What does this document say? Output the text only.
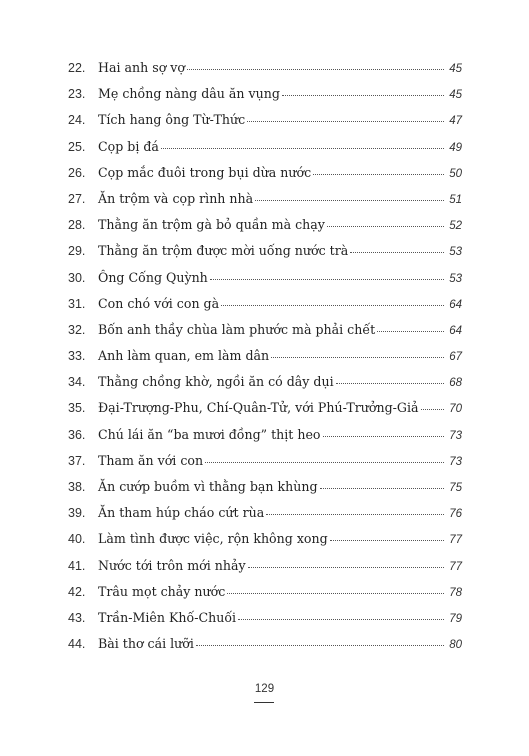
22.	Hai anh sợ vợ	45
23.	Mẹ chồng nàng dâu ăn vụng	45
24.	Tích hang ông Từ-Thức	47
25.	Cọp bị đá	49
26.	Cọp mắc đuôi trong bụi dừa nước	50
27.	Ăn trộm và cọp rình nhà	51
28.	Thằng ăn trộm gà bỏ quần mà chạy	52
29.	Thằng ăn trộm được mời uống nước trà	53
30.	Ông Cống Quỳnh	53
31.	Con chó với con gà	64
32.	Bốn anh thầy chùa làm phước mà phải chết	64
33.	Anh làm quan, em làm dân	67
34.	Thằng chồng khờ, ngồi ăn có dây dụi	68
35.	Đại-Trượng-Phu, Chí-Quân-Tử, với Phú-Trưởng-Giả	70
36.	Chú lái ăn “ba mươi đồng” thịt heo	73
37.	Tham ăn với con	73
38.	Ăn cướp buồm vì thằng bạn khùng	75
39.	Ăn tham húp cháo cứt rùa	76
40.	Làm tình được việc, rộn không xong	77
41.	Nước tới trôn mới nhảy	77
42.	Trâu mọt chảy nước	78
43.	Trần-Miên Khố-Chuối	79
44.	Bài thơ cái lưỡi	80
129
